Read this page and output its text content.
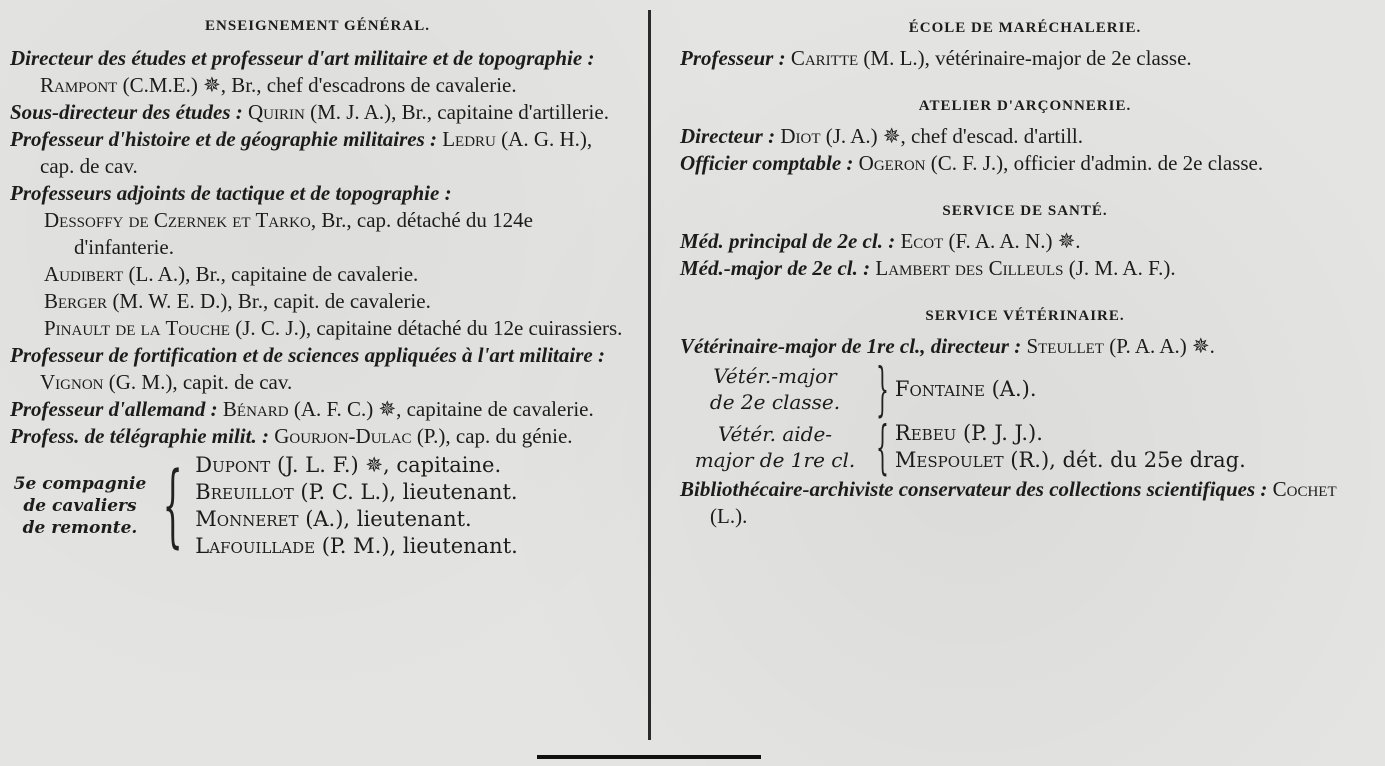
ENSEIGNEMENT GÉNÉRAL.
Directeur des études et professeur d'art militaire et de topographie : Rampont (C.M.E.) ✵, Br., chef d'escadrons de cavalerie.
Sous-directeur des études : Quirin (M. J. A.), Br., capitaine d'artillerie.
Professeur d'histoire et de géographie militaires : Ledru (A. G. H.), cap. de cav.
Professeurs adjoints de tactique et de topographie :
Dessoffy de Czernek et Tarko, Br., cap. détaché du 124e d'infanterie.
Audibert (L. A.), Br., capitaine de cavalerie.
Berger (M. W. E. D.), Br., capit. de cavalerie.
Pinault de la Touche (J. C. J.), capitaine détaché du 12e cuirassiers.
Professeur de fortification et de sciences appliquées à l'art militaire : Vignon (G. M.), capit. de cav.
Professeur d'allemand : Bénard (A. F. C.) ✵, capitaine de cavalerie.
Profess. de télégraphie milit. : Gourjon-Dulac (P.), cap. du génie.
5e compagnie
de cavaliers
de remonte. { Dupont (J. L. F.) ✵, capitaine.
Breuillot (P. C. L.), lieutenant.
Monneret (A.), lieutenant.
Lafouillade (P. M.), lieutenant.
ÉCOLE DE MARÉCHALERIE.
Professeur : Caritte (M. L.), vétérinaire-major de 2e classe.
ATELIER D'ARÇONNERIE.
Directeur : Diot (J. A.) ✵, chef d'escad. d'artill.
Officier comptable : Ogeron (C. F. J.), officier d'admin. de 2e classe.
SERVICE DE SANTÉ.
Méd. principal de 2e cl. : Ecot (F. A. A. N.) ✵.
Méd.-major de 2e cl. : Lambert des Cilleuls (J. M. A. F.).
SERVICE VÉTÉRINAIRE.
Vétérinaire-major de 1re cl., directeur : Steullet (P. A. A.) ✵.
Vétér.-major
de 2e classe. } Fontaine (A.).
Vétér. aide-
major de 1re cl. { Rebeu (P. J. J.).
Mespoulet (R.), dét. du 25e drag.
Bibliothécaire-archiviste conservateur des collections scientifiques : Cochet (L.).
